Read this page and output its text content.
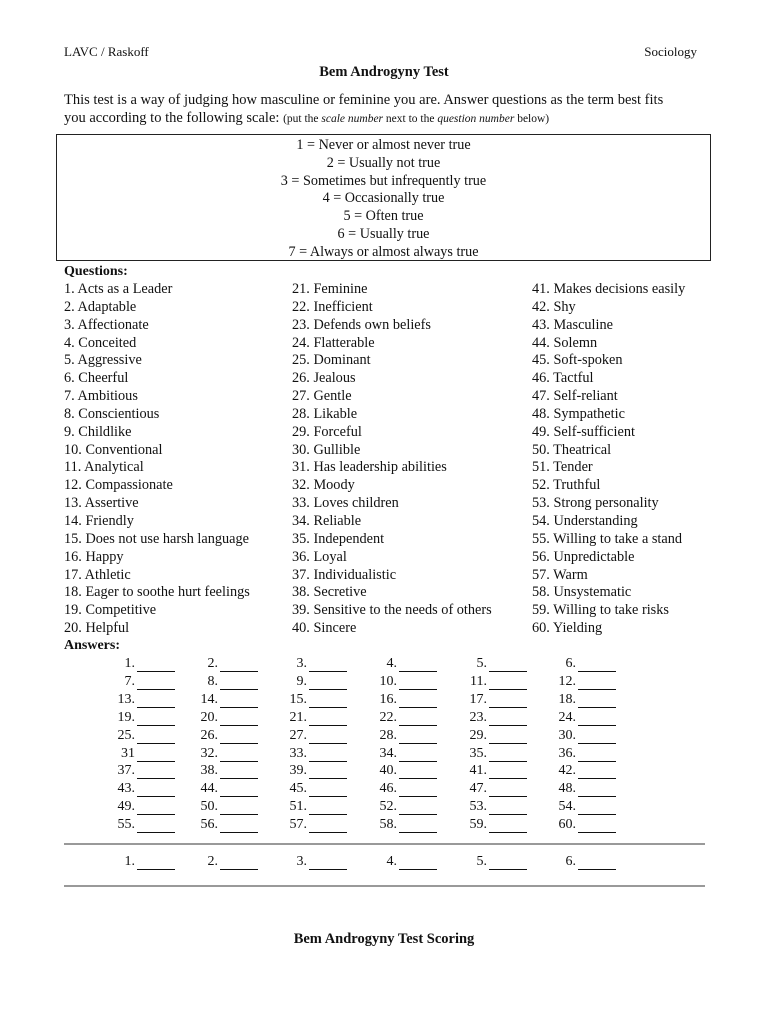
LAVC / Raskoff	Sociology
Bem Androgyny Test
This test is a way of judging how masculine or feminine you are. Answer questions as the term best fits
you according to the following scale: (put the scale number next to the question number below)
1 = Never or almost never true
2 = Usually not true
3 = Sometimes but infrequently true
4 = Occasionally true
5 = Often true
6 = Usually true
7 = Always or almost always true
Questions:
1. Acts as a Leader
2. Adaptable
3. Affectionate
4. Conceited
5. Aggressive
6. Cheerful
7. Ambitious
8. Conscientious
9. Childlike
10. Conventional
11. Analytical
12. Compassionate
13. Assertive
14. Friendly
15. Does not use harsh language
16. Happy
17. Athletic
18. Eager to soothe hurt feelings
19. Competitive
20. Helpful
21. Feminine
22. Inefficient
23. Defends own beliefs
24. Flatterable
25. Dominant
26. Jealous
27. Gentle
28. Likable
29. Forceful
30. Gullible
31. Has leadership abilities
32. Moody
33. Loves children
34. Reliable
35. Independent
36. Loyal
37. Individualistic
38. Secretive
39. Sensitive to the needs of others
40. Sincere
41. Makes decisions easily
42. Shy
43. Masculine
44. Solemn
45. Soft-spoken
46. Tactful
47. Self-reliant
48. Sympathetic
49. Self-sufficient
50. Theatrical
51. Tender
52. Truthful
53. Strong personality
54. Understanding
55. Willing to take a stand
56. Unpredictable
57. Warm
58. Unsystematic
59. Willing to take risks
60. Yielding
Answers:
1.	2.	3.	4.	5.	6.
7.	8.	9.	10.	11.	12.
13.	14.	15.	16.	17.	18.
19.	20.	21.	22.	23.	24.
25.	26.	27.	28.	29.	30.
31	32.	33.	34.	35.	36.
37.	38.	39.	40.	41.	42.
43.	44.	45.	46.	47.	48.
49.	50.	51.	52.	53.	54.
55.	56.	57.	58.	59.	60.
1.	2.	3.	4.	5.	6.
Bem Androgyny Test Scoring
